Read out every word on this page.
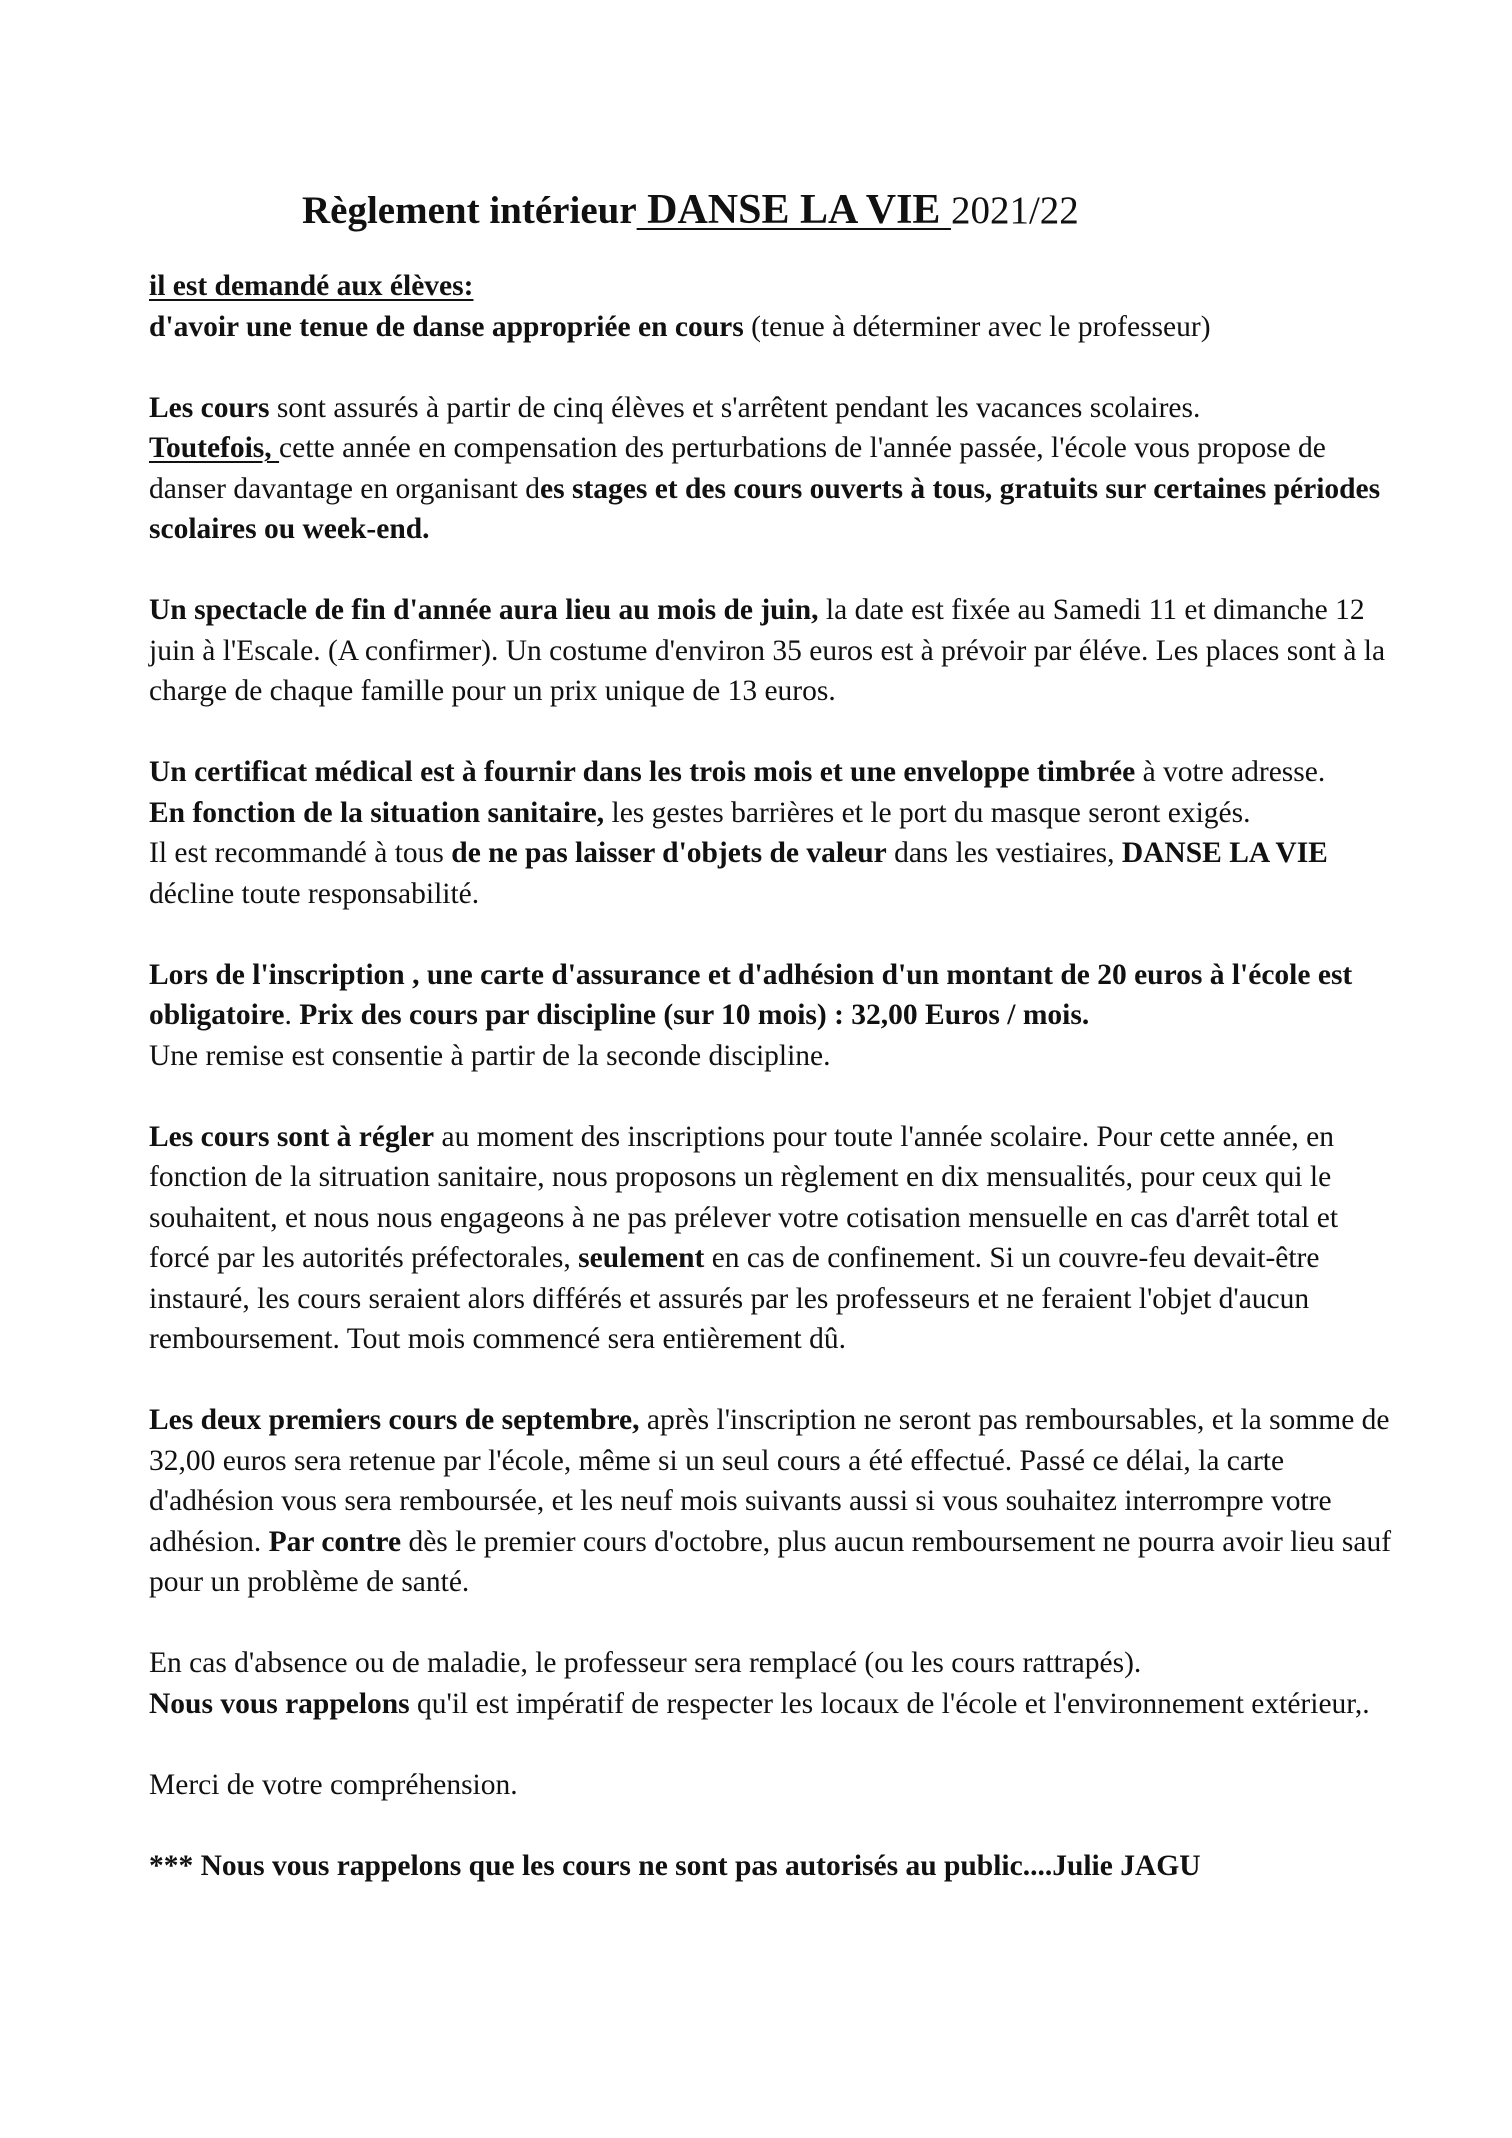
Règlement intérieur DANSE LA VIE 2021/22

il est demandé aux élèves:
d'avoir une tenue de danse appropriée en cours (tenue à déterminer avec le professeur)

Les cours sont assurés à partir de cinq élèves et s'arrêtent pendant les vacances scolaires.
Toutefois, cette année en compensation des perturbations de l'année passée, l'école vous propose de danser davantage en organisant des stages et des cours ouverts à tous, gratuits sur certaines périodes scolaires ou week-end.

Un spectacle de fin d'année aura lieu au mois de juin, la date est fixée au Samedi 11 et dimanche 12 juin à l'Escale. (A confirmer). Un costume d'environ 35 euros est à prévoir par éléve. Les places sont à la charge de chaque famille pour un prix unique de 13 euros.

Un certificat médical est à fournir dans les trois mois et une enveloppe timbrée à votre adresse.
En fonction de la situation sanitaire, les gestes barrières et le port du masque seront exigés.
Il est recommandé à tous de ne pas laisser d'objets de valeur dans les vestiaires, DANSE LA VIE décline toute responsabilité.

Lors de l'inscription , une carte d'assurance et d'adhésion d'un montant de 20 euros à l'école est obligatoire. Prix des cours par discipline (sur 10 mois) : 32,00 Euros / mois.
Une remise est consentie à partir de la seconde discipline.

Les cours sont à régler au moment des inscriptions pour toute l'année scolaire. Pour cette année, en fonction de la sitruation sanitaire, nous proposons un règlement en dix mensualités, pour ceux qui le souhaitent, et nous nous engageons à ne pas prélever votre cotisation mensuelle en cas d'arrêt total et forcé par les autorités préfectorales, seulement en cas de confinement. Si un couvre-feu devait-être instauré, les cours seraient alors différés et assurés par les professeurs et ne feraient l'objet d'aucun remboursement. Tout mois commencé sera entièrement dû.

Les deux premiers cours de septembre, après l'inscription ne seront pas remboursables, et la somme de 32,00 euros sera retenue par l'école, même si un seul cours a été effectué. Passé ce délai, la carte d'adhésion vous sera remboursée, et les neuf mois suivants aussi si vous souhaitez interrompre votre adhésion. Par contre dès le premier cours d'octobre, plus aucun remboursement ne pourra avoir lieu sauf pour un problème de santé.

En cas d'absence ou de maladie, le professeur sera remplacé (ou les cours rattrapés).
Nous vous rappelons qu'il est impératif de respecter les locaux de l'école et l'environnement extérieur,.

Merci de votre compréhension.

*** Nous vous rappelons que les cours ne sont pas autorisés au public....Julie JAGU
